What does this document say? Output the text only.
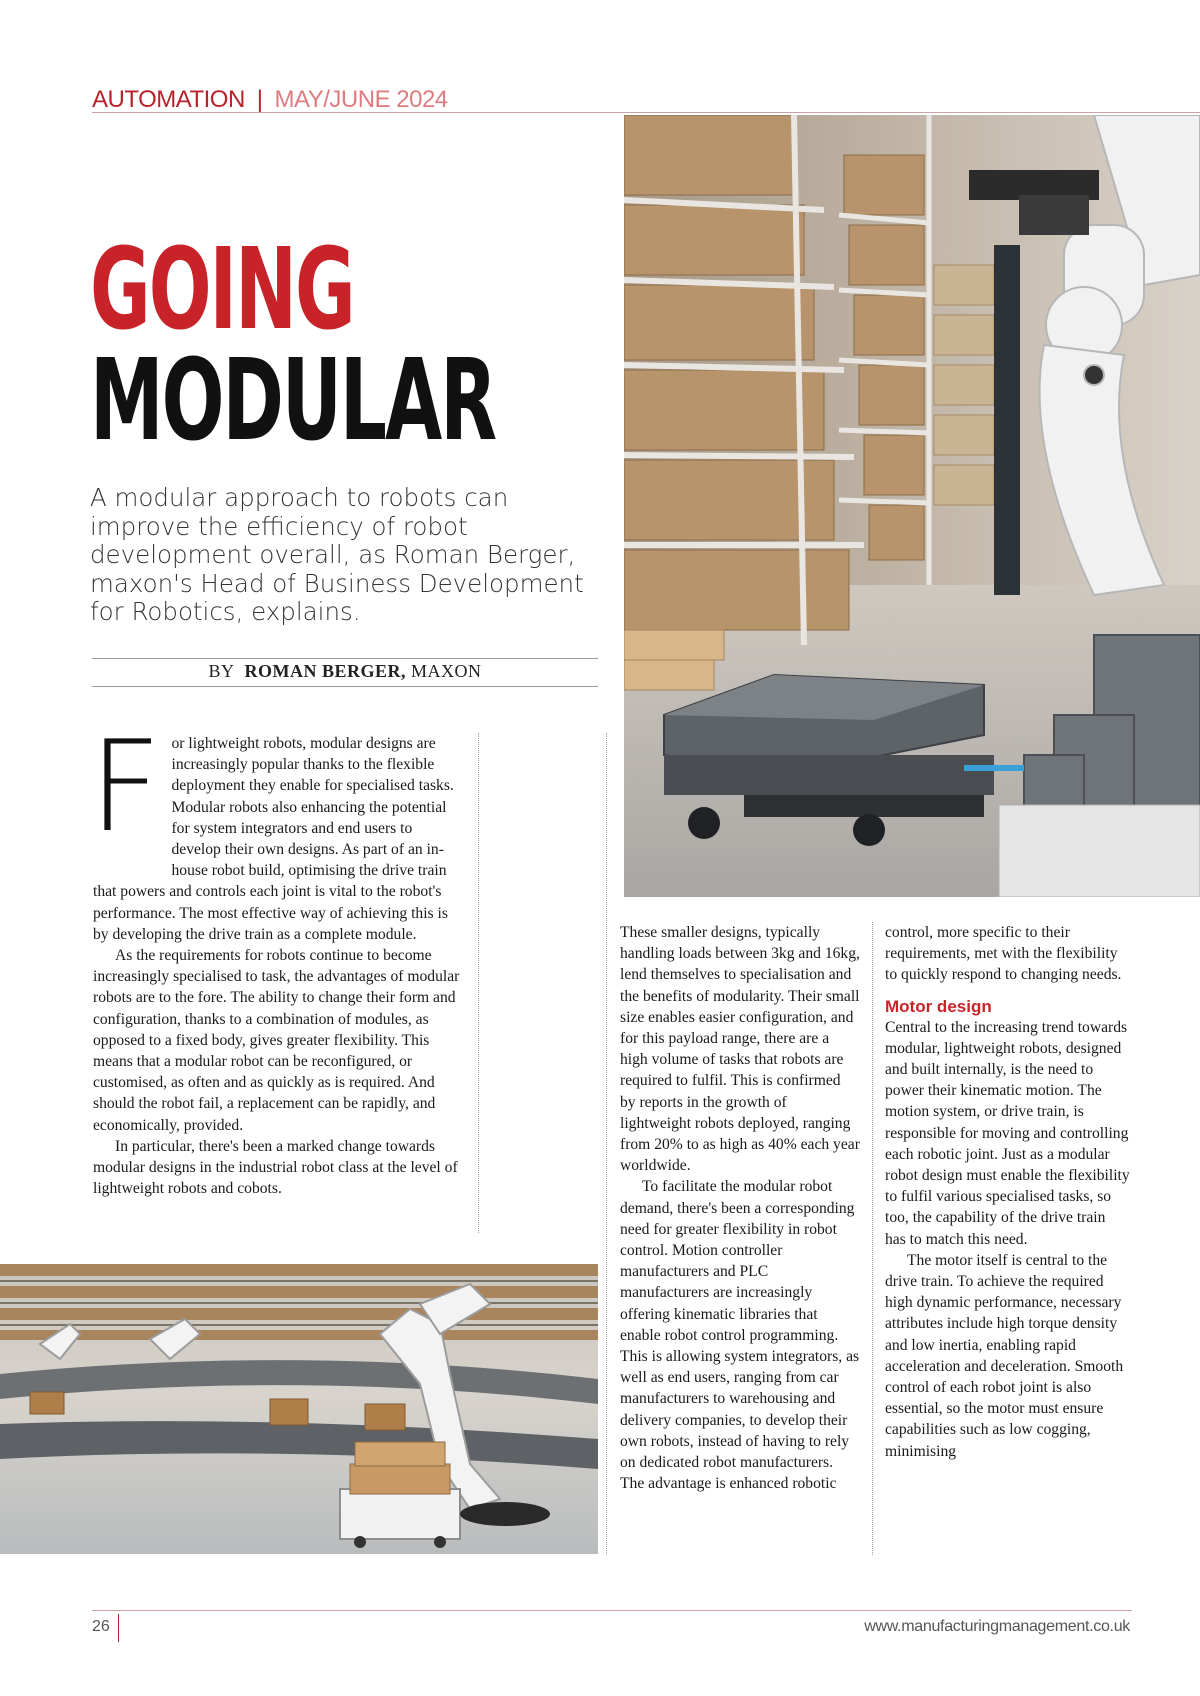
AUTOMATION | MAY/JUNE 2024
GOING
MODULAR
A modular approach to robots can improve the efficiency of robot development overall, as Roman Berger, maxon's Head of Business Development for Robotics, explains.
BY ROMAN BERGER, MAXON
F or lightweight robots, modular designs are increasingly popular thanks to the flexible deployment they enable for specialised tasks. Modular robots also enhancing the potential for system integrators and end users to develop their own designs. As part of an in-house robot build, optimising the drive train that powers and controls each joint is vital to the robot's performance. The most effective way of achieving this is by developing the drive train as a complete module.

As the requirements for robots continue to become increasingly specialised to task, the advantages of modular robots are to the fore. The ability to change their form and configuration, thanks to a combination of modules, as opposed to a fixed body, gives greater flexibility. This means that a modular robot can be reconfigured, or customised, as often and as quickly as is required. And should the robot fail, a replacement can be rapidly, and economically, provided.

In particular, there's been a marked change towards modular designs in the industrial robot class at the level of lightweight robots and cobots.

These smaller designs, typically handling loads between 3kg and 16kg, lend themselves to specialisation and the benefits of modularity. Their small size enables easier configuration, and for this payload range, there are a high volume of tasks that robots are required to fulfil. This is confirmed by reports in the growth of lightweight robots deployed, ranging from 20% to as high as 40% each year worldwide.

To facilitate the modular robot demand, there's been a corresponding need for greater flexibility in robot control. Motion controller manufacturers and PLC manufacturers are increasingly offering kinematic libraries that enable robot control programming. This is allowing system integrators, as well as end users, ranging from car manufacturers to warehousing and delivery companies, to develop their own robots, instead of having to rely on dedicated robot manufacturers. The advantage is enhanced robotic

control, more specific to their requirements, met with the flexibility to quickly respond to changing needs.

Motor design

Central to the increasing trend towards modular, lightweight robots, designed and built internally, is the need to power their kinematic motion. The motion system, or drive train, is responsible for moving and controlling each robotic joint. Just as a modular robot design must enable the flexibility to fulfil various specialised tasks, so too, the capability of the drive train has to match this need.

The motor itself is central to the drive train. To achieve the required high dynamic performance, necessary attributes include high torque density and low inertia, enabling rapid acceleration and deceleration. Smooth control of each robot joint is also essential, so the motor must ensure capabilities such as low cogging, minimising

26	www.manufacturingmanagement.co.uk
